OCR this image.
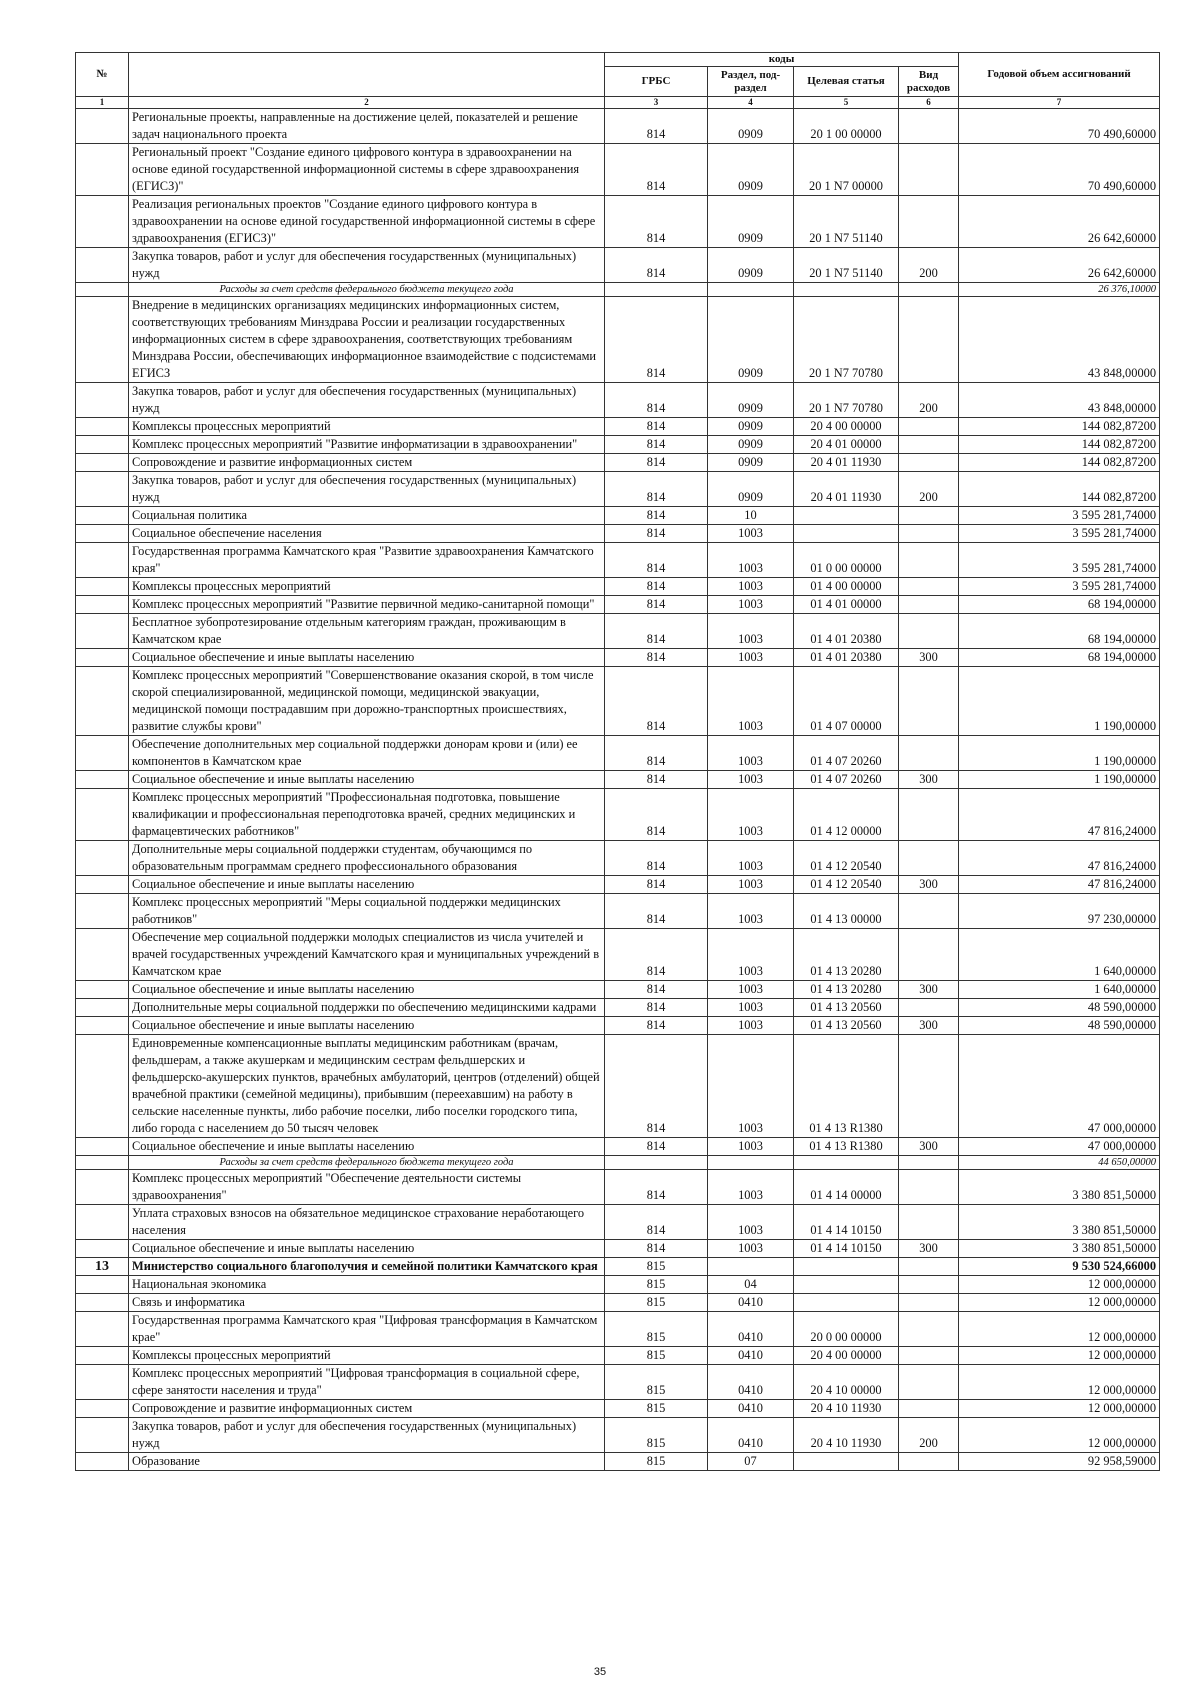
№		коды				Годовой объем ассигнований
		ГРБС	Раздел, под-раздел	Целевая статья	Вид расходов	
1	2	3	4	5	6	7
	Региональные проекты, направленные на достижение целей, показателей и решение задач национального проекта	814	0909	20 1 00 00000		70 490,60000
	Региональный проект "Создание единого цифрового контура в здравоохранении на основе единой государственной информационной системы в сфере здравоохранения (ЕГИСЗ)"	814	0909	20 1 N7 00000		70 490,60000
	Реализация региональных проектов "Создание единого цифрового контура в здравоохранении на основе единой государственной информационной системы в сфере здравоохранения (ЕГИСЗ)"	814	0909	20 1 N7 51140		26 642,60000
	Закупка товаров, работ и услуг для обеспечения государственных (муниципальных) нужд	814	0909	20 1 N7 51140	200	26 642,60000
	Расходы за счет средств федерального бюджета текущего года					26 376,10000
	Внедрение в медицинских организациях медицинских информационных систем, соответствующих требованиям Минздрава России и реализации государственных информационных систем в сфере здравоохранения, соответствующих требованиям Минздрава России, обеспечивающих информационное взаимодействие с подсистемами ЕГИСЗ	814	0909	20 1 N7 70780		43 848,00000
	Закупка товаров, работ и услуг для обеспечения государственных (муниципальных) нужд	814	0909	20 1 N7 70780	200	43 848,00000
	Комплексы процессных мероприятий	814	0909	20 4 00 00000		144 082,87200
	Комплекс процессных мероприятий "Развитие информатизации в здравоохранении"	814	0909	20 4 01 00000		144 082,87200
	Сопровождение и развитие информационных систем	814	0909	20 4 01 11930		144 082,87200
	Закупка товаров, работ и услуг для обеспечения государственных (муниципальных) нужд	814	0909	20 4 01 11930	200	144 082,87200
	Социальная политика	814	10			3 595 281,74000
	Социальное обеспечение населения	814	1003			3 595 281,74000
	Государственная программа Камчатского края "Развитие здравоохранения Камчатского края"	814	1003	01 0 00 00000		3 595 281,74000
	Комплексы процессных мероприятий	814	1003	01 4 00 00000		3 595 281,74000
	Комплекс процессных мероприятий "Развитие первичной медико-санитарной помощи"	814	1003	01 4 01 00000		68 194,00000
	Бесплатное зубопротезирование отдельным категориям граждан, проживающим в Камчатском крае	814	1003	01 4 01 20380		68 194,00000
	Социальное обеспечение и иные выплаты населению	814	1003	01 4 01 20380	300	68 194,00000
	Комплекс процессных мероприятий "Совершенствование оказания скорой, в том числе скорой специализированной, медицинской помощи, медицинской эвакуации, медицинской помощи пострадавшим при дорожно-транспортных происшествиях, развитие службы крови"	814	1003	01 4 07 00000		1 190,00000
	Обеспечение дополнительных мер социальной поддержки донорам крови и (или) ее компонентов в Камчатском крае	814	1003	01 4 07 20260		1 190,00000
	Социальное обеспечение и иные выплаты населению	814	1003	01 4 07 20260	300	1 190,00000
	Комплекс процессных мероприятий "Профессиональная подготовка, повышение квалификации и профессиональная переподготовка врачей, средних медицинских и фармацевтических работников"	814	1003	01 4 12 00000		47 816,24000
	Дополнительные меры социальной поддержки студентам, обучающимся по образовательным программам среднего профессионального образования	814	1003	01 4 12 20540		47 816,24000
	Социальное обеспечение и иные выплаты населению	814	1003	01 4 12 20540	300	47 816,24000
	Комплекс процессных мероприятий "Меры социальной поддержки медицинских работников"	814	1003	01 4 13 00000		97 230,00000
	Обеспечение мер социальной поддержки молодых специалистов из числа учителей и врачей государственных учреждений Камчатского края и муниципальных учреждений в Камчатском крае	814	1003	01 4 13 20280		1 640,00000
	Социальное обеспечение и иные выплаты населению	814	1003	01 4 13 20280	300	1 640,00000
	Дополнительные меры социальной поддержки по обеспечению медицинскими кадрами	814	1003	01 4 13 20560		48 590,00000
	Социальное обеспечение и иные выплаты населению	814	1003	01 4 13 20560	300	48 590,00000
	Единовременные компенсационные выплаты медицинским работникам (врачам, фельдшерам, а также акушеркам и медицинским сестрам фельдшерских и фельдшерско-акушерских пунктов, врачебных амбулаторий, центров (отделений) общей врачебной практики (семейной медицины), прибывшим (переехавшим) на работу в сельские населенные пункты, либо рабочие поселки, либо поселки городского типа, либо города с населением до 50 тысяч человек	814	1003	01 4 13 R1380		47 000,00000
	Социальное обеспечение и иные выплаты населению	814	1003	01 4 13 R1380	300	47 000,00000
	Расходы за счет средств федерального бюджета текущего года					44 650,00000
	Комплекс процессных мероприятий "Обеспечение деятельности системы здравоохранения"	814	1003	01 4 14 00000		3 380 851,50000
	Уплата страховых взносов на обязательное медицинское страхование неработающего населения	814	1003	01 4 14 10150		3 380 851,50000
	Социальное обеспечение и иные выплаты населению	814	1003	01 4 14 10150	300	3 380 851,50000
13	Министерство социального благополучия и семейной политики Камчатского края	815				9 530 524,66000
	Национальная экономика	815	04			12 000,00000
	Связь и информатика	815	0410			12 000,00000
	Государственная программа Камчатского края "Цифровая трансформация в Камчатском крае"	815	0410	20 0 00 00000		12 000,00000
	Комплексы процессных мероприятий	815	0410	20 4 00 00000		12 000,00000
	Комплекс процессных мероприятий "Цифровая трансформация в социальной сфере, сфере занятости населения и труда"	815	0410	20 4 10 00000		12 000,00000
	Сопровождение и развитие информационных систем	815	0410	20 4 10 11930		12 000,00000
	Закупка товаров, работ и услуг для обеспечения государственных (муниципальных) нужд	815	0410	20 4 10 11930	200	12 000,00000
	Образование	815	07			92 958,59000
35
